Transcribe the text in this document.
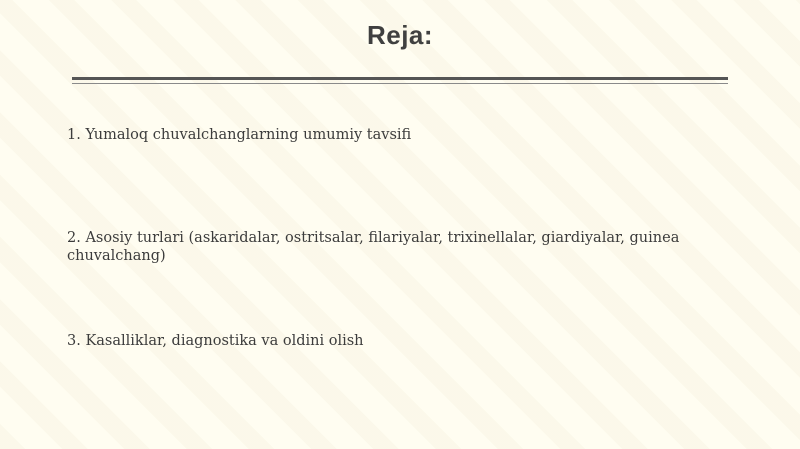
Reja:
1. Yumaloq chuvalchanglarning umumiy tavsifi
2. Asosiy turlari (askaridalar, ostritsalar, filariyalar, trixinellalar, giardiyalar, guinea chuvalchang)
3. Kasalliklar, diagnostika va oldini olish
